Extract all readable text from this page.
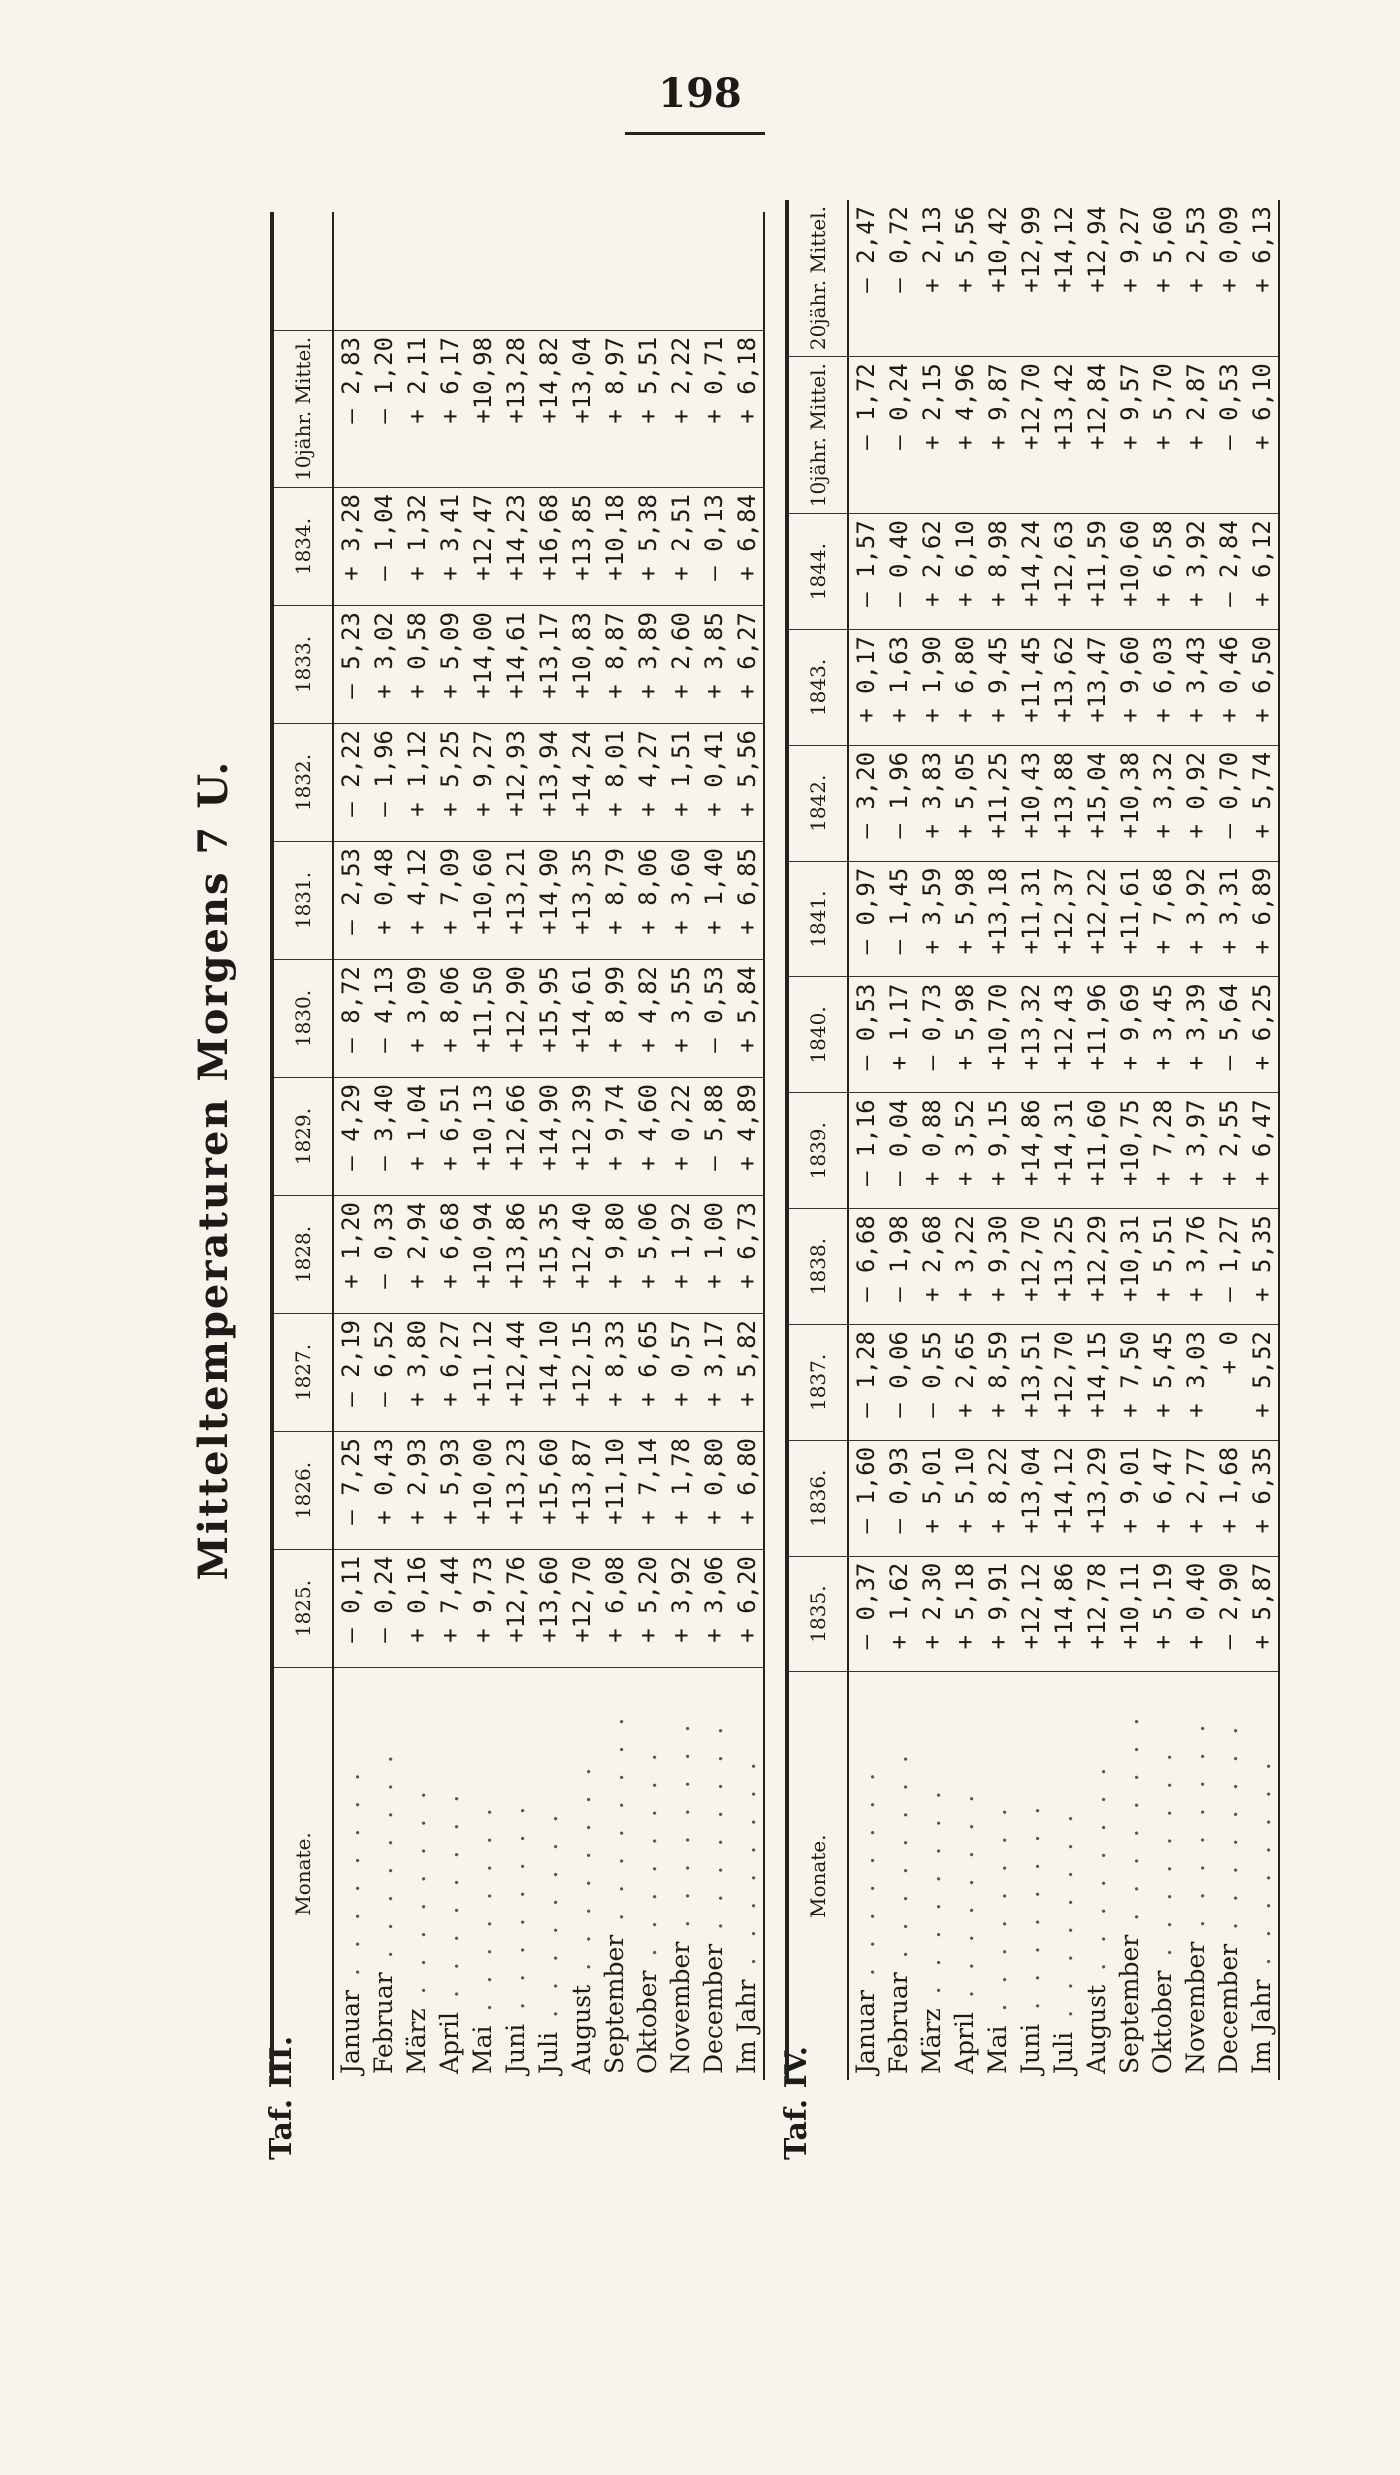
198
Mitteltemperaturen Morgens 7 U.
Taf. III.
Monate.	1825.	1826.	1827.	1828.	1829.	1830.	1831.	1832.	1833.	1834.	10jähr. Mittel.	
Januar . . . . . . . .	— 0,11	— 7,25	— 2,19	+ 1,20	— 4,29	— 8,72	— 2,53	— 2,22	— 5,23	+ 3,28	— 2,83	
Februar . . . . . . . .	— 0,24	+ 0,43	— 6,52	— 0,33	— 3,40	— 4,13	+ 0,48	— 1,96	+ 3,02	— 1,04	— 1,20	
März . . . . . . . .	+ 0,16	+ 2,93	+ 3,80	+ 2,94	+ 1,04	+ 3,09	+ 4,12	+ 1,12	+ 0,58	+ 1,32	+ 2,11	
April . . . . . . . .	+ 7,44	+ 5,93	+ 6,27	+ 6,68	+ 6,51	+ 8,06	+ 7,09	+ 5,25	+ 5,09	+ 3,41	+ 6,17	
Mai . . . . . . . .	+ 9,73	+10,00	+11,12	+10,94	+10,13	+11,50	+10,60	+ 9,27	+14,00	+12,47	+10,98	
Juni . . . . . . . .	+12,76	+13,23	+12,44	+13,86	+12,66	+12,90	+13,21	+12,93	+14,61	+14,23	+13,28	
Juli . . . . . . . .	+13,60	+15,60	+14,10	+15,35	+14,90	+15,95	+14,90	+13,94	+13,17	+16,68	+14,82	
August . . . . . . . .	+12,70	+13,87	+12,15	+12,40	+12,39	+14,61	+13,35	+14,24	+10,83	+13,85	+13,04	
September . . . . . . . .	+ 6,08	+11,10	+ 8,33	+ 9,80	+ 9,74	+ 8,99	+ 8,79	+ 8,01	+ 8,87	+10,18	+ 8,97	
Oktober . . . . . . . .	+ 5,20	+ 7,14	+ 6,65	+ 5,06	+ 4,60	+ 4,82	+ 8,06	+ 4,27	+ 3,89	+ 5,38	+ 5,51	
November . . . . . . . .	+ 3,92	+ 1,78	+ 0,57	+ 1,92	+ 0,22	+ 3,55	+ 3,60	+ 1,51	+ 2,60	+ 2,51	+ 2,22	
December . . . . . . . .	+ 3,06	+ 0,80	+ 3,17	+ 1,00	— 5,88	— 0,53	+ 1,40	+ 0,41	+ 3,85	— 0,13	+ 0,71	
Im Jahr . . . . . . . .	+ 6,20	+ 6,80	+ 5,82	+ 6,73	+ 4,89	+ 5,84	+ 6,85	+ 5,56	+ 6,27	+ 6,84	+ 6,18	
Taf. IV.
Monate.	1835.	1836.	1837.	1838.	1839.	1840.	1841.	1842.	1843.	1844.	10jähr. Mittel.	20jähr. Mittel.
Januar . . . . . . . .	— 0,37	— 1,60	— 1,28	— 6,68	— 1,16	— 0,53	— 0,97	— 3,20	+ 0,17	— 1,57	— 1,72	— 2,47
Februar . . . . . . . .	+ 1,62	— 0,93	— 0,06	— 1,98	— 0,04	+ 1,17	— 1,45	— 1,96	+ 1,63	— 0,40	— 0,24	— 0,72
März . . . . . . . .	+ 2,30	+ 5,01	— 0,55	+ 2,68	+ 0,88	— 0,73	+ 3,59	+ 3,83	+ 1,90	+ 2,62	+ 2,15	+ 2,13
April . . . . . . . .	+ 5,18	+ 5,10	+ 2,65	+ 3,22	+ 3,52	+ 5,98	+ 5,98	+ 5,05	+ 6,80	+ 6,10	+ 4,96	+ 5,56
Mai . . . . . . . .	+ 9,91	+ 8,22	+ 8,59	+ 9,30	+ 9,15	+10,70	+13,18	+11,25	+ 9,45	+ 8,98	+ 9,87	+10,42
Juni . . . . . . . .	+12,12	+13,04	+13,51	+12,70	+14,86	+13,32	+11,31	+10,43	+11,45	+14,24	+12,70	+12,99
Juli . . . . . . . .	+14,86	+14,12	+12,70	+13,25	+14,31	+12,43	+12,37	+13,88	+13,62	+12,63	+13,42	+14,12
August . . . . . . . .	+12,78	+13,29	+14,15	+12,29	+11,60	+11,96	+12,22	+15,04	+13,47	+11,59	+12,84	+12,94
September . . . . . . . .	+10,11	+ 9,01	+ 7,50	+10,31	+10,75	+ 9,69	+11,61	+10,38	+ 9,60	+10,60	+ 9,57	+ 9,27
Oktober . . . . . . . .	+ 5,19	+ 6,47	+ 5,45	+ 5,51	+ 7,28	+ 3,45	+ 7,68	+ 3,32	+ 6,03	+ 6,58	+ 5,70	+ 5,60
November . . . . . . . .	+ 0,40	+ 2,77	+ 3,03	+ 3,76	+ 3,97	+ 3,39	+ 3,92	+ 0,92	+ 3,43	+ 3,92	+ 2,87	+ 2,53
December . . . . . . . .	— 2,90	+ 1,68	+ 0	— 1,27	+ 2,55	— 5,64	+ 3,31	— 0,70	+ 0,46	— 2,84	— 0,53	+ 0,09
Im Jahr . . . . . . . .	+ 5,87	+ 6,35	+ 5,52	+ 5,35	+ 6,47	+ 6,25	+ 6,89	+ 5,74	+ 6,50	+ 6,12	+ 6,10	+ 6,13
